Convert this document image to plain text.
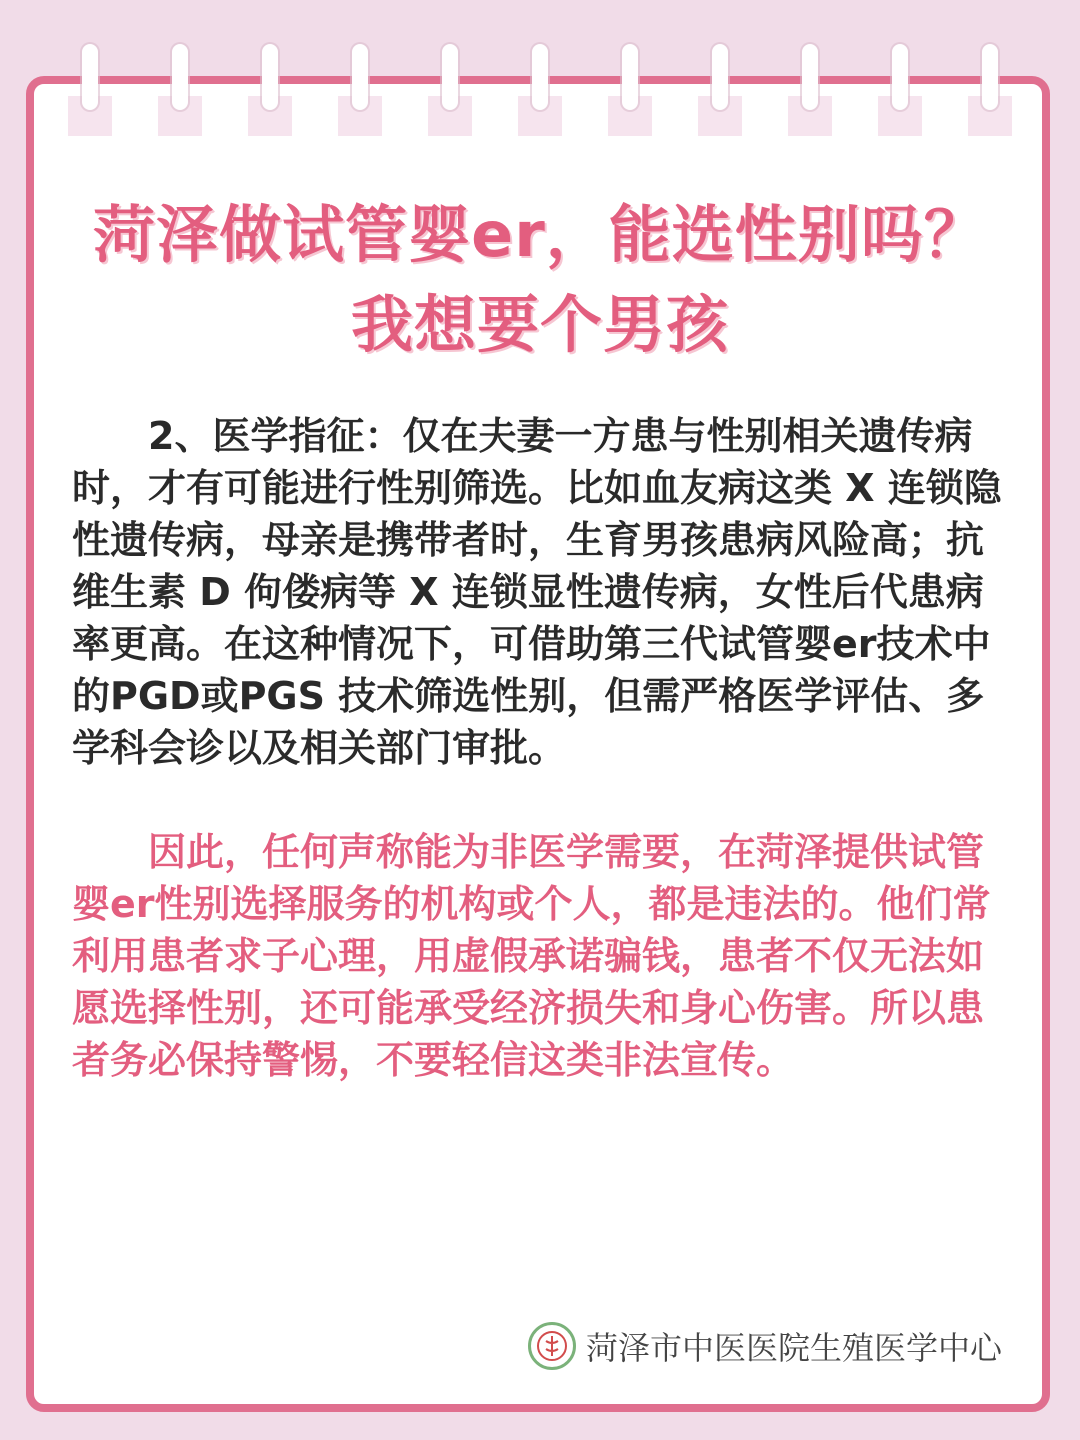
菏泽做试管婴er，能选性别吗？
我想要个男孩

2、医学指征：仅在夫妻一方患与性别相关遗传病时，才有可能进行性别筛选。比如血友病这类 X 连锁隐性遗传病，母亲是携带者时，生育男孩患病风险高；抗维生素 D 佝偻病等 X 连锁显性遗传病，女性后代患病率更高。在这种情况下，可借助第三代试管婴er技术中的PGD或PGS 技术筛选性别，但需严格医学评估、多学科会诊以及相关部门审批。

因此，任何声称能为非医学需要，在菏泽提供试管婴er性别选择服务的机构或个人，都是违法的。他们常利用患者求子心理，用虚假承诺骗钱，患者不仅无法如愿选择性别，还可能承受经济损失和身心伤害。所以患者务必保持警惕，不要轻信这类非法宣传。

菏泽市中医医院生殖医学中心
